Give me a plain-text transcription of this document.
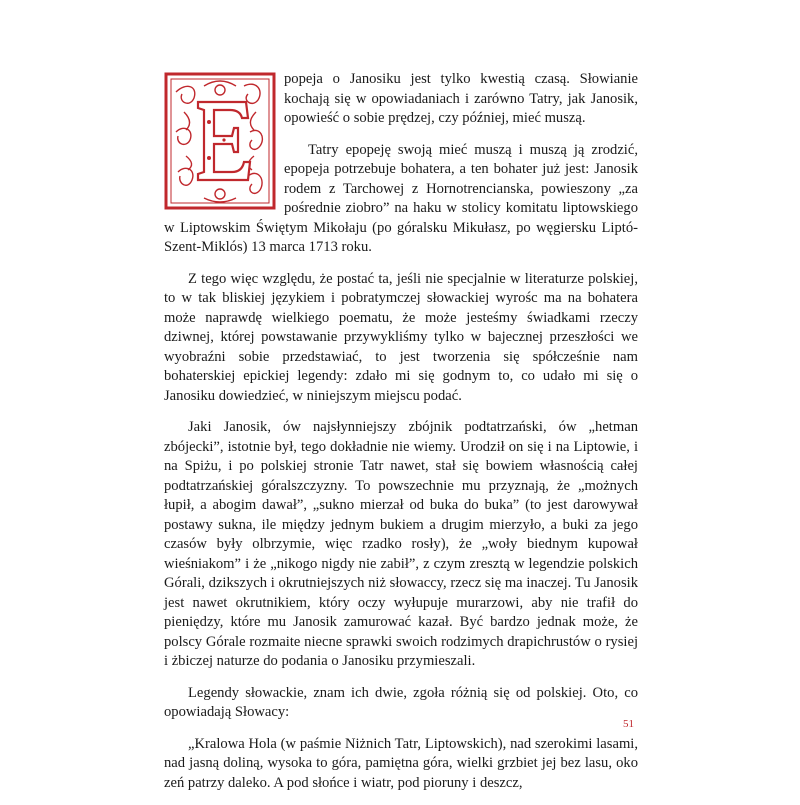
popeja o Janosiku jest tylko kwestią czasą. Słowianie kochają się w opowiadaniach i zarówno Tatry, jak Janosik, opowieść o sobie prędzej, czy później, mieć muszą.

Tatry epopeję swoją mieć muszą i muszą ją zrodzić, epopeja potrzebuje bohatera, a ten bohater już jest: Janosik rodem z Tarchowej z Hornotrencianska, powieszony „za pośrednie ziobro” na haku w stolicy komitatu liptowskiego w Liptowskim Świętym Mikołaju (po góralsku Mikułasz, po węgiersku Liptó-Szent-Miklós) 13 marca 1713 roku.

Z tego więc względu, że postać ta, jeśli nie specjalnie w literaturze polskiej, to w tak bliskiej językiem i pobratymczej słowackiej wyrośc ma na bohatera może naprawdę wielkiego poematu, że może jesteśmy świadkami rzeczy dziwnej, której powstawanie przywykliśmy tylko w bajecznej przeszłości we wyobraźni sobie przedstawiać, to jest tworzenia się spółcześnie nam bohaterskiej epickiej legendy: zdało mi się godnym to, co udało mi się o Janosiku dowiedzieć, w niniejszym miejscu podać.

Jaki Janosik, ów najsłynniejszy zbójnik podtatrzański, ów „hetman zbójecki”, istotnie był, tego dokładnie nie wiemy. Urodził on się i na Liptowie, i na Spiżu, i po polskiej stronie Tatr nawet, stał się bowiem własnością całej podtatrzańskiej góralszczyzny. To powszechnie mu przyznają, że „możnych łupił, a abogim dawał”, „sukno mierzał od buka do buka” (to jest darowywał postawy sukna, ile między jednym bukiem a drugim mierzyło, a buki za jego czasów były olbrzymie, więc rzadko rosły), że „woły biednym kupował wieśniakom” i że „nikogo nigdy nie zabił”, z czym zresztą w legendzie polskich Górali, dzikszych i okrutniejszych niż słowaccy, rzecz się ma inaczej. Tu Janosik jest nawet okrutnikiem, który oczy wyłupuje murarzowi, aby nie trafił do pieniędzy, które mu Janosik zamurować kazał. Być bardzo jednak może, że polscy Górale rozmaite niecne sprawki swoich rodzimych drapichrustów o rysiej i żbiczej naturze do podania o Janosiku przymieszali.

Legendy słowackie, znam ich dwie, zgoła różnią się od polskiej. Oto, co opowiadają Słowacy:

„Kralowa Hola (w paśmie Niżnich Tatr, Liptowskich), nad szerokimi lasami, nad jasną doliną, wysoka to góra, pamiętna góra, wielki grzbiet jej bez lasu, oko zeń patrzy daleko. A pod słońce i wiatr, pod pioruny i deszcz,

51
